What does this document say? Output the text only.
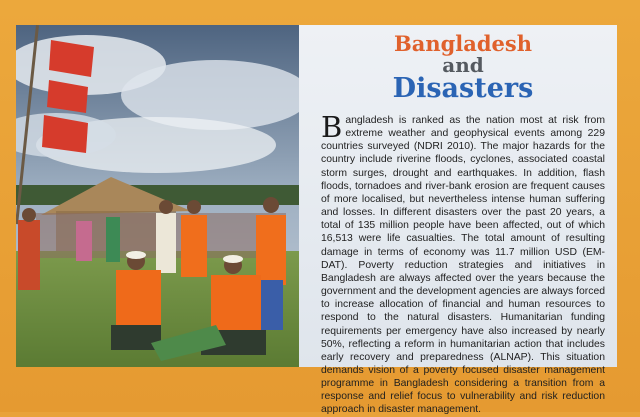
Bangladesh
and
Disasters
Bangladesh is ranked as the nation most at risk from extreme weather and geophysical events among 229 countries surveyed (NDRI 2010). The major hazards for the country include riverine floods, cyclones, associated coastal storm surges, drought and earthquakes. In addition, flash floods, tornadoes and river-bank erosion are frequent causes of more localised, but nevertheless intense human suffering and losses. In different disasters over the past 20 years, a total of 135 million people have been affected, out of which 16,513 were life casualties. The total amount of resulting damage in terms of economy was 11.7 million USD (EM-DAT). Poverty reduction strategies and initiatives in Bangladesh are always affected over the years because the government and the development agencies are always forced to increase allocation of financial and human resources to respond to the natural disasters. Humanitarian funding requirements per emergency have also increased by nearly 50%, reflecting a reform in humanitarian action that includes early recovery and preparedness (ALNAP). This situation demands vision of a poverty focused disaster management programme in Bangladesh considering a transition from a response and relief focus to vulnerability and risk reduction approach in disaster management.
